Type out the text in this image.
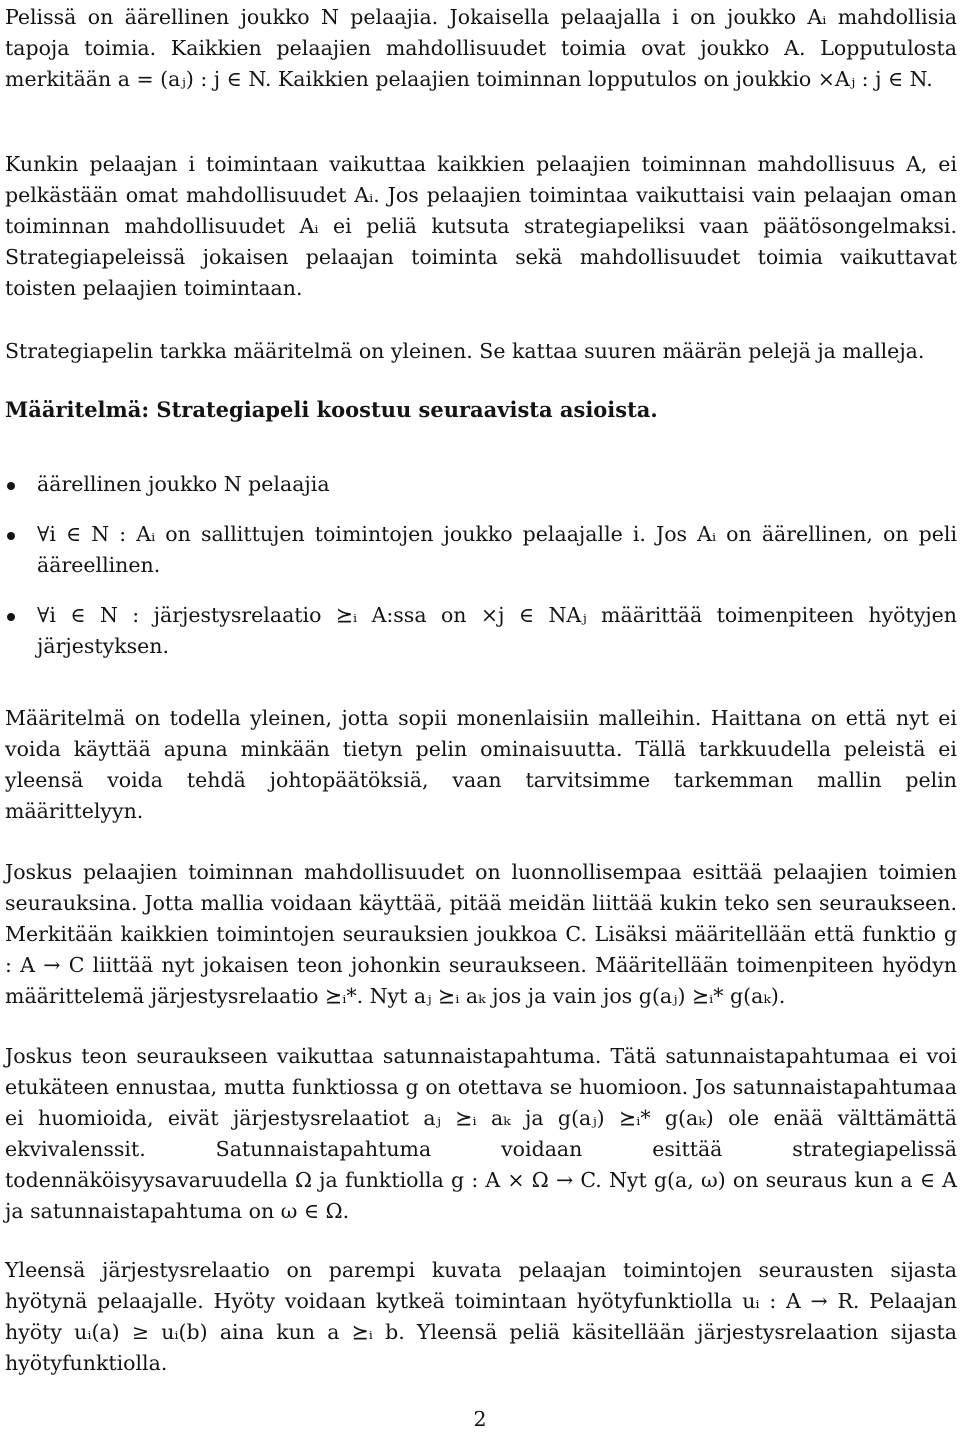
Pelissä on äärellinen joukko N pelaajia. Jokaisella pelaajalla i on joukko Aᵢ mahdollisia tapoja toimia. Kaikkien pelaajien mahdollisuudet toimia ovat joukko A. Lopputulosta merkitään a = (aⱼ) : j ∈ N. Kaikkien pelaajien toiminnan lopputulos on joukkio ×Aⱼ : j ∈ N.

Kunkin pelaajan i toimintaan vaikuttaa kaikkien pelaajien toiminnan mahdollisuus A, ei pelkästään omat mahdollisuudet Aᵢ. Jos pelaajien toimintaa vaikuttaisi vain pelaajan oman toiminnan mahdollisuudet Aᵢ ei peliä kutsuta strategiapeliksi vaan päätösongelmaksi. Strategiapeleissä jokaisen pelaajan toiminta sekä mahdollisuudet toimia vaikuttavat toisten pelaajien toimintaan.

Strategiapelin tarkka määritelmä on yleinen. Se kattaa suuren määrän pelejä ja malleja.

Määritelmä: Strategiapeli koostuu seuraavista asioista.

äärellinen joukko N pelaajia
∀i ∈ N : Aᵢ on sallittujen toimintojen joukko pelaajalle i. Jos Aᵢ on äärellinen, on peli ääreellinen.
∀i ∈ N : järjestysrelaatio ⪰ᵢ A:ssa on ×j ∈ NAⱼ määrittää toimenpiteen hyötyjen järjestyksen.

Määritelmä on todella yleinen, jotta sopii monenlaisiin malleihin. Haittana on että nyt ei voida käyttää apuna minkään tietyn pelin ominaisuutta. Tällä tarkkuudella peleistä ei yleensä voida tehdä johtopäätöksiä, vaan tarvitsimme tarkemman mallin pelin määrittelyyn.

Joskus pelaajien toiminnan mahdollisuudet on luonnollisempaa esittää pelaajien toimien seurauksina. Jotta mallia voidaan käyttää, pitää meidän liittää kukin teko sen seuraukseen. Merkitään kaikkien toimintojen seurauksien joukkoa C. Lisäksi määritellään että funktio g : A → C liittää nyt jokaisen teon johonkin seuraukseen. Määritellään toimenpiteen hyödyn määrittelemä järjestysrelaatio ⪰ᵢ*. Nyt aⱼ ⪰ᵢ aₖ jos ja vain jos g(aⱼ) ⪰ᵢ* g(aₖ).

Joskus teon seuraukseen vaikuttaa satunnaistapahtuma. Tätä satunnaistapahtumaa ei voi etukäteen ennustaa, mutta funktiossa g on otettava se huomioon. Jos satunnaistapahtumaa ei huomioida, eivät järjestysrelaatiot aⱼ ⪰ᵢ aₖ ja g(aⱼ) ⪰ᵢ* g(aₖ) ole enää välttämättä ekvivalenssit. Satunnaistapahtuma voidaan esittää strategiapelissä todennäköisyysavaruudella Ω ja funktiolla g : A × Ω → C. Nyt g(a, ω) on seuraus kun a ∈ A ja satunnaistapahtuma on ω ∈ Ω.

Yleensä järjestysrelaatio on parempi kuvata pelaajan toimintojen seurausten sijasta hyötynä pelaajalle. Hyöty voidaan kytkeä toimintaan hyötyfunktiolla uᵢ : A → R. Pelaajan hyöty uᵢ(a) ≥ uᵢ(b) aina kun a ⪰ᵢ b. Yleensä peliä käsitellään järjestysrelaation sijasta hyötyfunktiolla.

2
